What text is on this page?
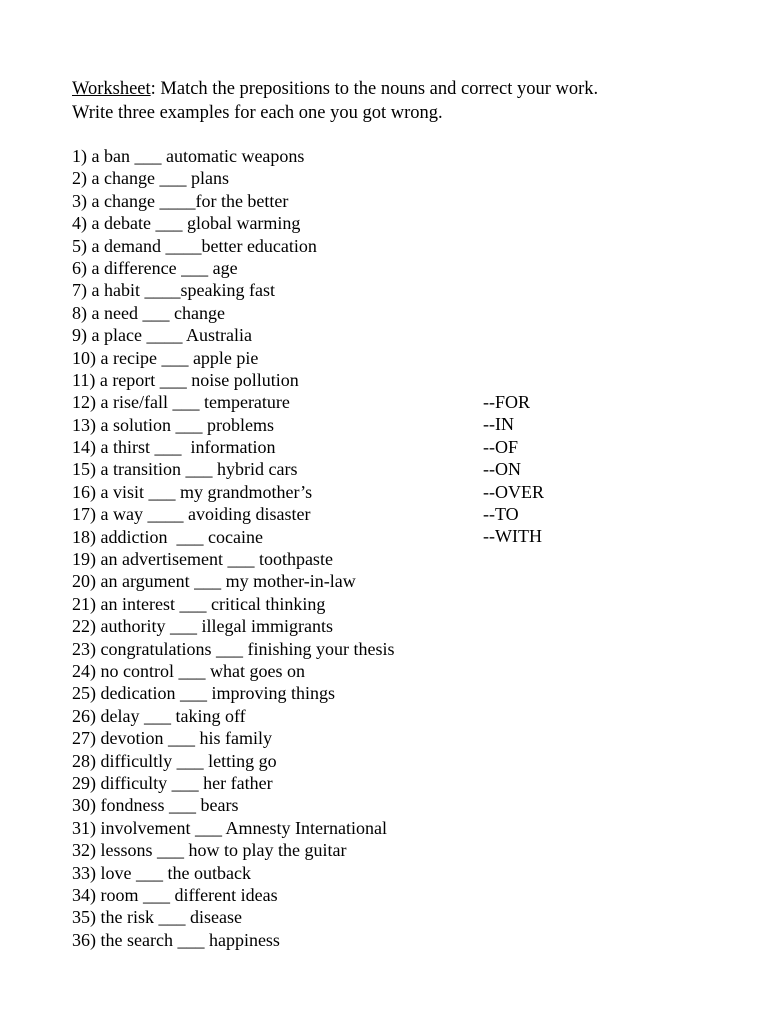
Worksheet: Match the prepositions to the nouns and correct your work.
Write three examples for each one you got wrong.
1) a ban ___ automatic weapons
2) a change ___ plans
3) a change ____for the better
4) a debate ___ global warming
5) a demand ____better education
6) a difference ___ age
7) a habit ____speaking fast
8) a need ___ change
9) a place ____ Australia
10) a recipe ___ apple pie
11) a report ___ noise pollution
12) a rise/fall ___ temperature
13) a solution ___ problems
14) a thirst ___  information
15) a transition ___ hybrid cars
16) a visit ___ my grandmother’s
17) a way ____ avoiding disaster
18) addiction  ___ cocaine
19) an advertisement ___ toothpaste
20) an argument ___ my mother-in-law
21) an interest ___ critical thinking
22) authority ___ illegal immigrants
23) congratulations ___ finishing your thesis
24) no control ___ what goes on
25) dedication ___ improving things
26) delay ___ taking off
27) devotion ___ his family
28) difficultly ___ letting go
29) difficulty ___ her father
30) fondness ___ bears
31) involvement ___ Amnesty International
32) lessons ___ how to play the guitar
33) love ___ the outback
34) room ___ different ideas
35) the risk ___ disease
36) the search ___ happiness
--FOR
--IN
--OF
--ON
--OVER
--TO
--WITH
